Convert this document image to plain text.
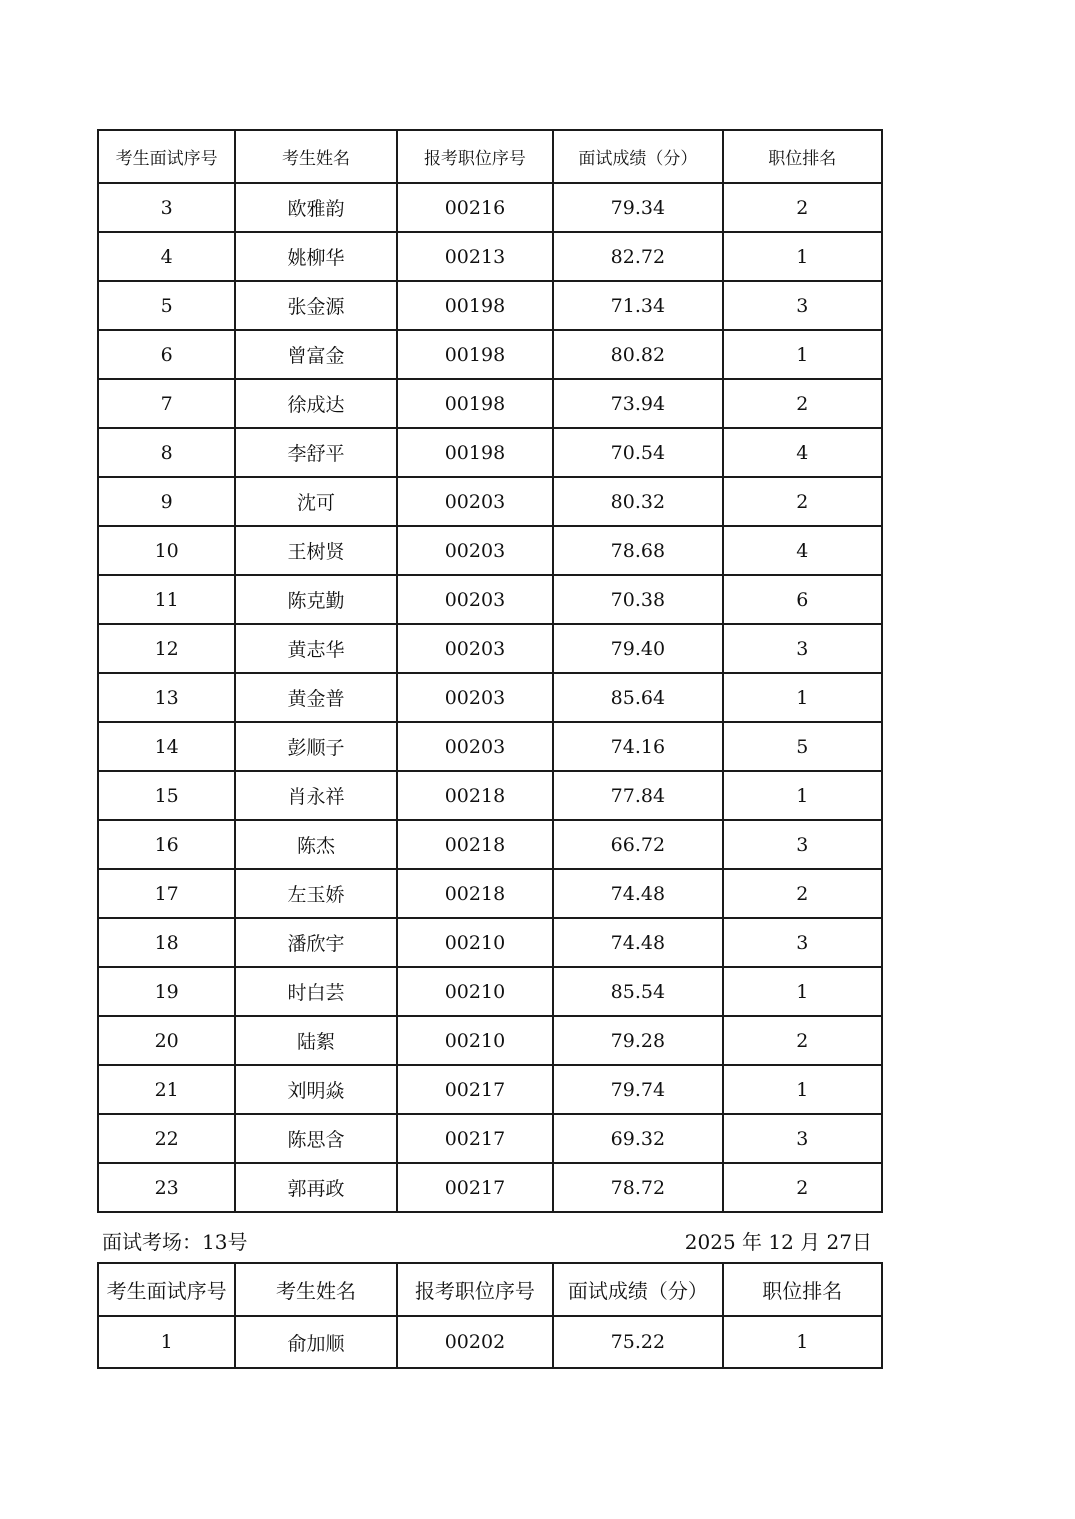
考生面试序号	考生姓名	报考职位序号	面试成绩（分）	职位排名
3	欧雅韵	00216	79.34	2
4	姚柳华	00213	82.72	1
5	张金源	00198	71.34	3
6	曾富金	00198	80.82	1
7	徐成达	00198	73.94	2
8	李舒平	00198	70.54	4
9	沈可	00203	80.32	2
10	王树贤	00203	78.68	4
11	陈克勤	00203	70.38	6
12	黄志华	00203	79.40	3
13	黄金普	00203	85.64	1
14	彭顺子	00203	74.16	5
15	肖永祥	00218	77.84	1
16	陈杰	00218	66.72	3
17	左玉娇	00218	74.48	2
18	潘欣宇	00210	74.48	3
19	时白芸	00210	85.54	1
20	陆絮	00210	79.28	2
21	刘明焱	00217	79.74	1
22	陈思含	00217	69.32	3
23	郭再政	00217	78.72	2
面试考场：13号	2025 年 12 月 27日
考生面试序号	考生姓名	报考职位序号	面试成绩（分）	职位排名
1	俞加顺	00202	75.22	1
